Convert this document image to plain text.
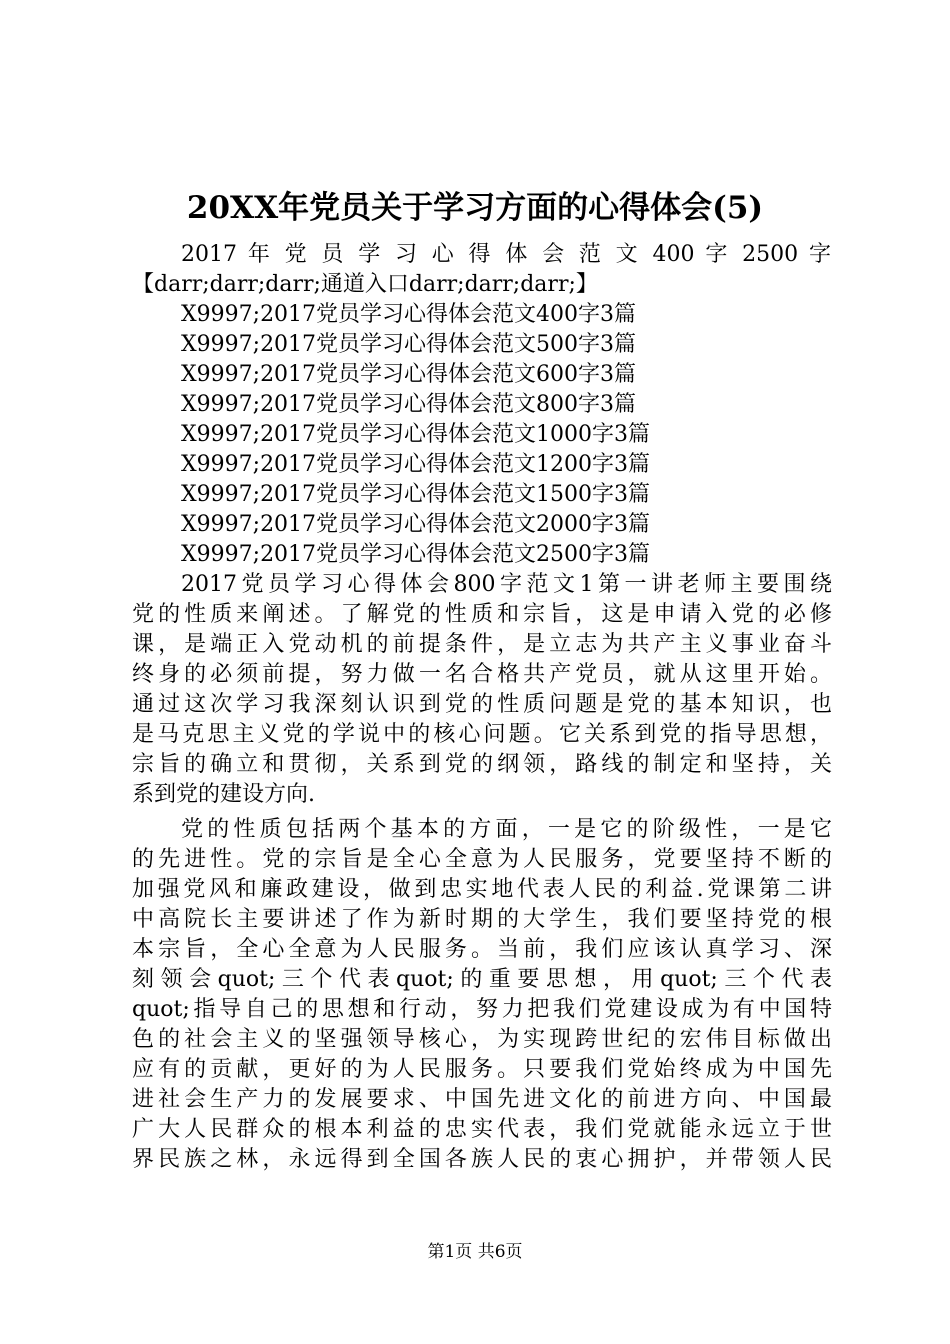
20XX年党员关于学习方面的心得体会(5)
2017 年 党 员 学 习 心 得 体 会 范 文 400 字 2500 字
【darr;darr;darr;通道入口darr;darr;darr;】
X9997;2017党员学习心得体会范文400字3篇
X9997;2017党员学习心得体会范文500字3篇
X9997;2017党员学习心得体会范文600字3篇
X9997;2017党员学习心得体会范文800字3篇
X9997;2017党员学习心得体会范文1000字3篇
X9997;2017党员学习心得体会范文1200字3篇
X9997;2017党员学习心得体会范文1500字3篇
X9997;2017党员学习心得体会范文2000字3篇
X9997;2017党员学习心得体会范文2500字3篇
2017党员学习心得体会800字范文1第一讲老师主要围绕
党的性质来阐述。了解党的性质和宗旨，这是申请入党的必修
课，是端正入党动机的前提条件，是立志为共产主义事业奋斗
终身的必须前提，努力做一名合格共产党员，就从这里开始。
通过这次学习我深刻认识到党的性质问题是党的基本知识，也
是马克思主义党的学说中的核心问题。它关系到党的指导思想，
宗旨的确立和贯彻，关系到党的纲领，路线的制定和坚持，关
系到党的建设方向.
党的性质包括两个基本的方面，一是它的阶级性，一是它
的先进性。党的宗旨是全心全意为人民服务，党要坚持不断的
加强党风和廉政建设，做到忠实地代表人民的利益.党课第二讲
中高院长主要讲述了作为新时期的大学生，我们要坚持党的根
本宗旨，全心全意为人民服务。当前，我们应该认真学习、深
刻领会quot;三个代表quot;的重要思想，用quot;三个代表
quot;指导自己的思想和行动，努力把我们党建设成为有中国特
色的社会主义的坚强领导核心，为实现跨世纪的宏伟目标做出
应有的贡献，更好的为人民服务。只要我们党始终成为中国先
进社会生产力的发展要求、中国先进文化的前进方向、中国最
广大人民群众的根本利益的忠实代表，我们党就能永远立于世
界民族之林，永远得到全国各族人民的衷心拥护，并带领人民
第1页 共6页
